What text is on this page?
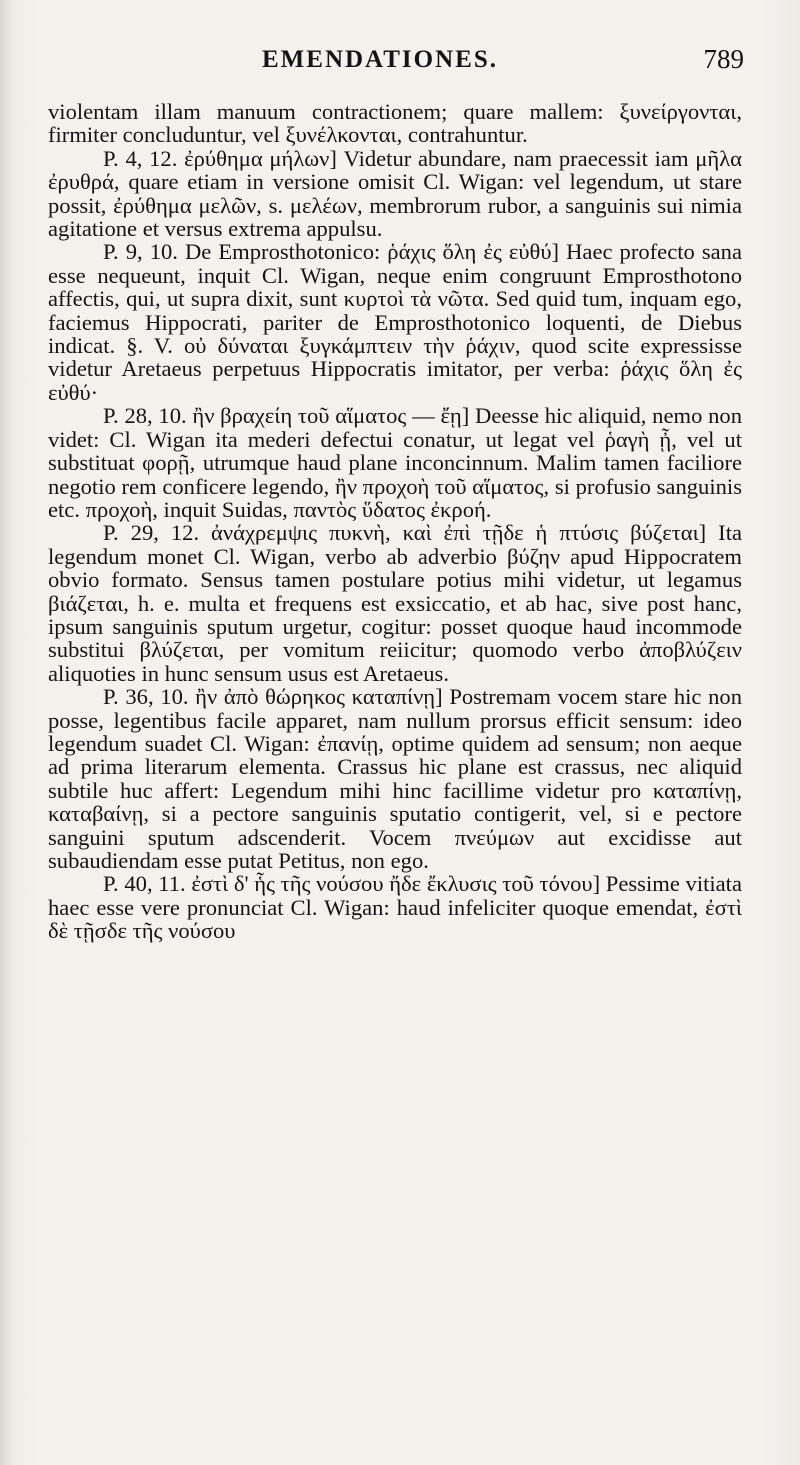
EMENDATIONES.	789

violentam illam manuum contractionem; quare mallem: ξυνείργονται, firmiter concluduntur, vel ξυνέλκονται, contrahuntur.

P. 4, 12. ἐρύθημα μήλων] Videtur abundare, nam praecessit iam μῆλα ἐρυθρά, quare etiam in versione omisit Cl. Wigan: vel legendum, ut stare possit, ἐρύθημα μελῶν, s. μελέων, membrorum rubor, a sanguinis sui nimia agitatione et versus extrema appulsu.

P. 9, 10. De Emprosthotonico: ῥάχις ὅλη ἐς εὐθύ] Haec profecto sana esse nequeunt, inquit Cl. Wigan, neque enim congruunt Emprosthotono affectis, qui, ut supra dixit, sunt κυρτοὶ τὰ νῶτα. Sed quid tum, inquam ego, faciemus Hippocrati, pariter de Emprosthotonico loquenti, de Diebus indicat. §. V. οὐ δύναται ξυγκάμπτειν τὴν ῥάχιν, quod scite expressisse videtur Aretaeus perpetuus Hippocratis imitator, per verba: ῥάχις ὅλη ἐς εὐθύ·

P. 28, 10. ἢν βραχείη τοῦ αἵματος — ἔῃ] Deesse hic aliquid, nemo non videt: Cl. Wigan ita mederi defectui conatur, ut legat vel ῥαγὴ ᾖ, vel ut substituat φορῇ, utrumque haud plane inconcinnum. Malim tamen faciliore negotio rem conficere legendo, ἢν προχοὴ τοῦ αἵματος, si profusio sanguinis etc. προχοὴ, inquit Suidas, παντὸς ὕδατος ἐκροή.

P. 29, 12. ἀνάχρεμψις πυκνὴ, καὶ ἐπὶ τῇδε ἡ πτύσις βύζεται] Ita legendum monet Cl. Wigan, verbo ab adverbio βύζην apud Hippocratem obvio formato. Sensus tamen postulare potius mihi videtur, ut legamus βιάζεται, h. e. multa et frequens est exsiccatio, et ab hac, sive post hanc, ipsum sanguinis sputum urgetur, cogitur: posset quoque haud incommode substitui βλύζεται, per vomitum reiicitur; quomodo verbo ἀποβλύζειν aliquoties in hunc sensum usus est Aretaeus.

P. 36, 10. ἢν ἀπὸ θώρηκος καταπίνῃ] Postremam vocem stare hic non posse, legentibus facile apparet, nam nullum prorsus efficit sensum: ideo legendum suadet Cl. Wigan: ἐπανίῃ, optime quidem ad sensum; non aeque ad prima literarum elementa. Crassus hic plane est crassus, nec aliquid subtile huc affert: Legendum mihi hinc facillime videtur pro καταπίνῃ, καταβαίνῃ, si a pectore sanguinis sputatio contigerit, vel, si e pectore sanguini sputum adscenderit. Vocem πνεύμων aut excidisse aut subaudiendam esse putat Petitus, non ego.

P. 40, 11. ἐστὶ δ' ἧς τῆς νούσου ἤδε ἔκλυσις τοῦ τόνου] Pessime vitiata haec esse vere pronunciat Cl. Wigan: haud infeliciter quoque emendat, ἐστὶ δὲ τῇσδε τῆς νούσου
